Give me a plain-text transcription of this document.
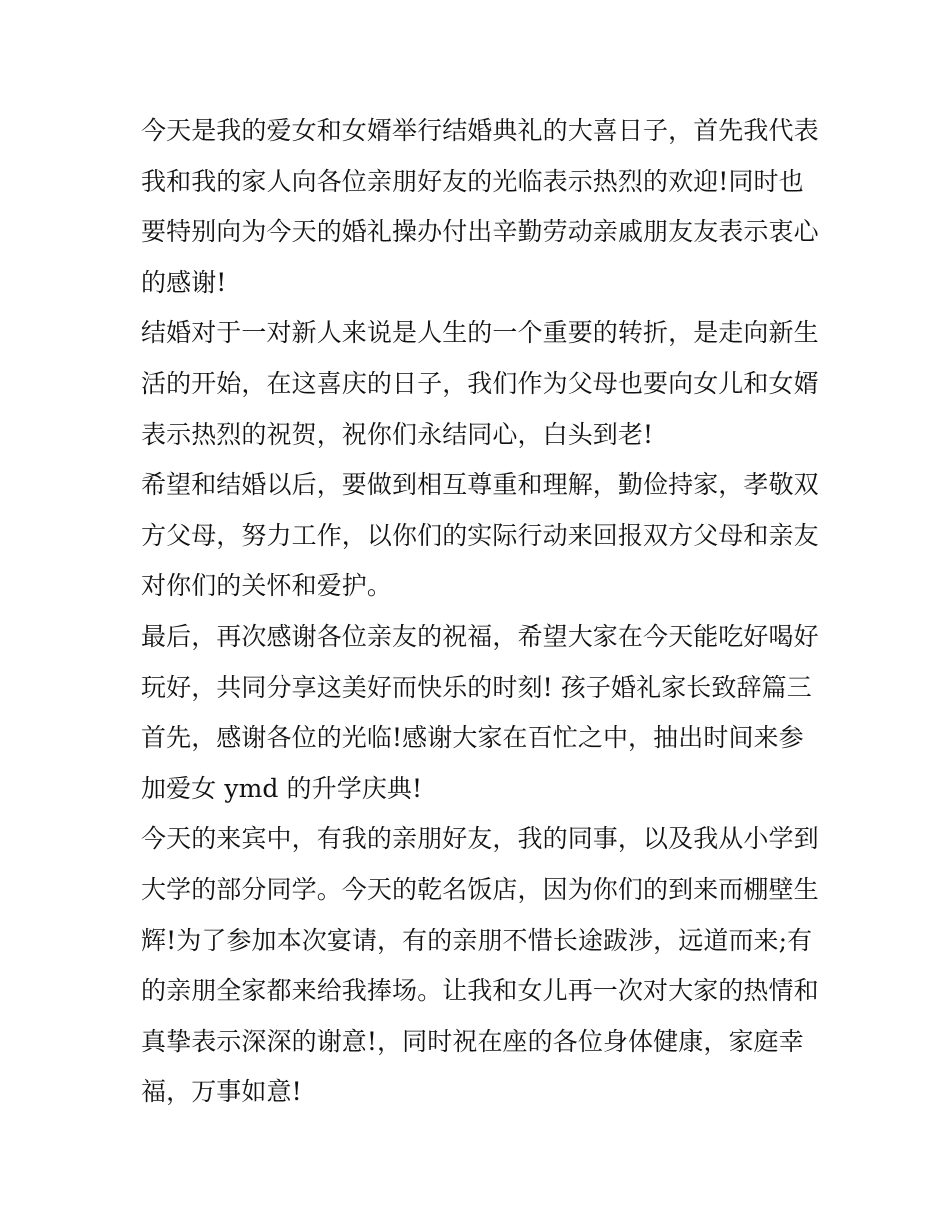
今天是我的爱女和女婿举行结婚典礼的大喜日子，首先我代表
我和我的家人向各位亲朋好友的光临表示热烈的欢迎!同时也
要特别向为今天的婚礼操办付出辛勤劳动亲戚朋友友表示衷心
的感谢!

结婚对于一对新人来说是人生的一个重要的转折，是走向新生
活的开始，在这喜庆的日子，我们作为父母也要向女儿和女婿
表示热烈的祝贺，祝你们永结同心，白头到老!

希望和结婚以后，要做到相互尊重和理解，勤俭持家，孝敬双
方父母，努力工作，以你们的实际行动来回报双方父母和亲友
对你们的关怀和爱护。

最后，再次感谢各位亲友的祝福，希望大家在今天能吃好喝好
玩好，共同分享这美好而快乐的时刻! 孩子婚礼家长致辞篇三
首先，感谢各位的光临!感谢大家在百忙之中，抽出时间来参
加爱女 ymd 的升学庆典!

今天的来宾中，有我的亲朋好友，我的同事，以及我从小学到
大学的部分同学。今天的乾名饭店，因为你们的到来而棚壁生
辉!为了参加本次宴请，有的亲朋不惜长途跋涉，远道而来;有
的亲朋全家都来给我捧场。让我和女儿再一次对大家的热情和
真挚表示深深的谢意!，同时祝在座的各位身体健康，家庭幸
福，万事如意!
